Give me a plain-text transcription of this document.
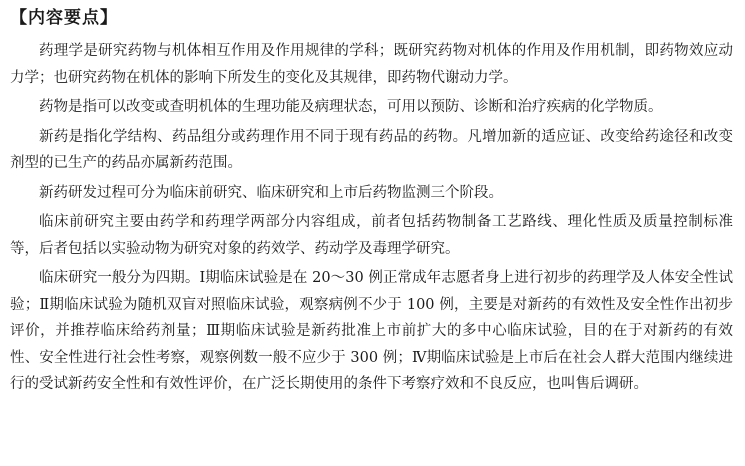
【内容要点】

药理学是研究药物与机体相互作用及作用规律的学科；既研究药物对机体的作用及作用机制，即药物效应动力学；也研究药物在机体的影响下所发生的变化及其规律，即药物代谢动力学。

药物是指可以改变或查明机体的生理功能及病理状态，可用以预防、诊断和治疗疾病的化学物质。

新药是指化学结构、药品组分或药理作用不同于现有药品的药物。凡增加新的适应证、改变给药途径和改变剂型的已生产的药品亦属新药范围。

新药研发过程可分为临床前研究、临床研究和上市后药物监测三个阶段。

临床前研究主要由药学和药理学两部分内容组成，前者包括药物制备工艺路线、理化性质及质量控制标准等，后者包括以实验动物为研究对象的药效学、药动学及毒理学研究。

临床研究一般分为四期。Ⅰ期临床试验是在 20～30 例正常成年志愿者身上进行初步的药理学及人体安全性试验；Ⅱ期临床试验为随机双盲对照临床试验，观察病例不少于 100 例，主要是对新药的有效性及安全性作出初步评价，并推荐临床给药剂量；Ⅲ期临床试验是新药批准上市前扩大的多中心临床试验，目的在于对新药的有效性、安全性进行社会性考察，观察例数一般不应少于 300 例；Ⅳ期临床试验是上市后在社会人群大范围内继续进行的受试新药安全性和有效性评价，在广泛长期使用的条件下考察疗效和不良反应，也叫售后调研。
